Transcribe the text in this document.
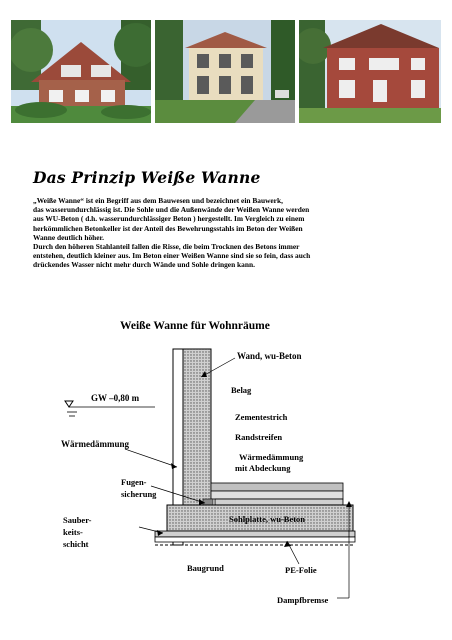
Das Prinzip Weiße Wanne

„Weiße Wanne“ ist ein Begriff aus dem Bauwesen und bezeichnet ein Bauwerk,

das wasserundurchlässig ist. Die Sohle und die Außenwände der Weißen Wanne werden

aus WU-Beton ( d.h. wasserundurchlässiger Beton ) hergestellt. Im Vergleich zu einem

herkömmlichen Betonkeller ist der Anteil des Bewehrungsstahls im Beton der Weißen

Wanne deutlich höher.

Durch den höheren Stahlanteil fallen die Risse, die beim Trocknen des Betons immer

entstehen, deutlich kleiner aus. Im Beton einer Weißen Wanne sind sie so fein, dass auch

drückendes Wasser nicht mehr durch Wände und Sohle dringen kann.

Weiße Wanne für Wohnräume
GW –0,80 m
Wand, wu-Beton
Belag
Zementestrich
Wärmedämmung
Randstreifen
Wärmedämmung
mit Abdeckung
Fugen-
sicherung
Sohlplatte, wu-Beton
Sauber-
keits-
schicht
Baugrund	PE-Folie
Dampfbremse
